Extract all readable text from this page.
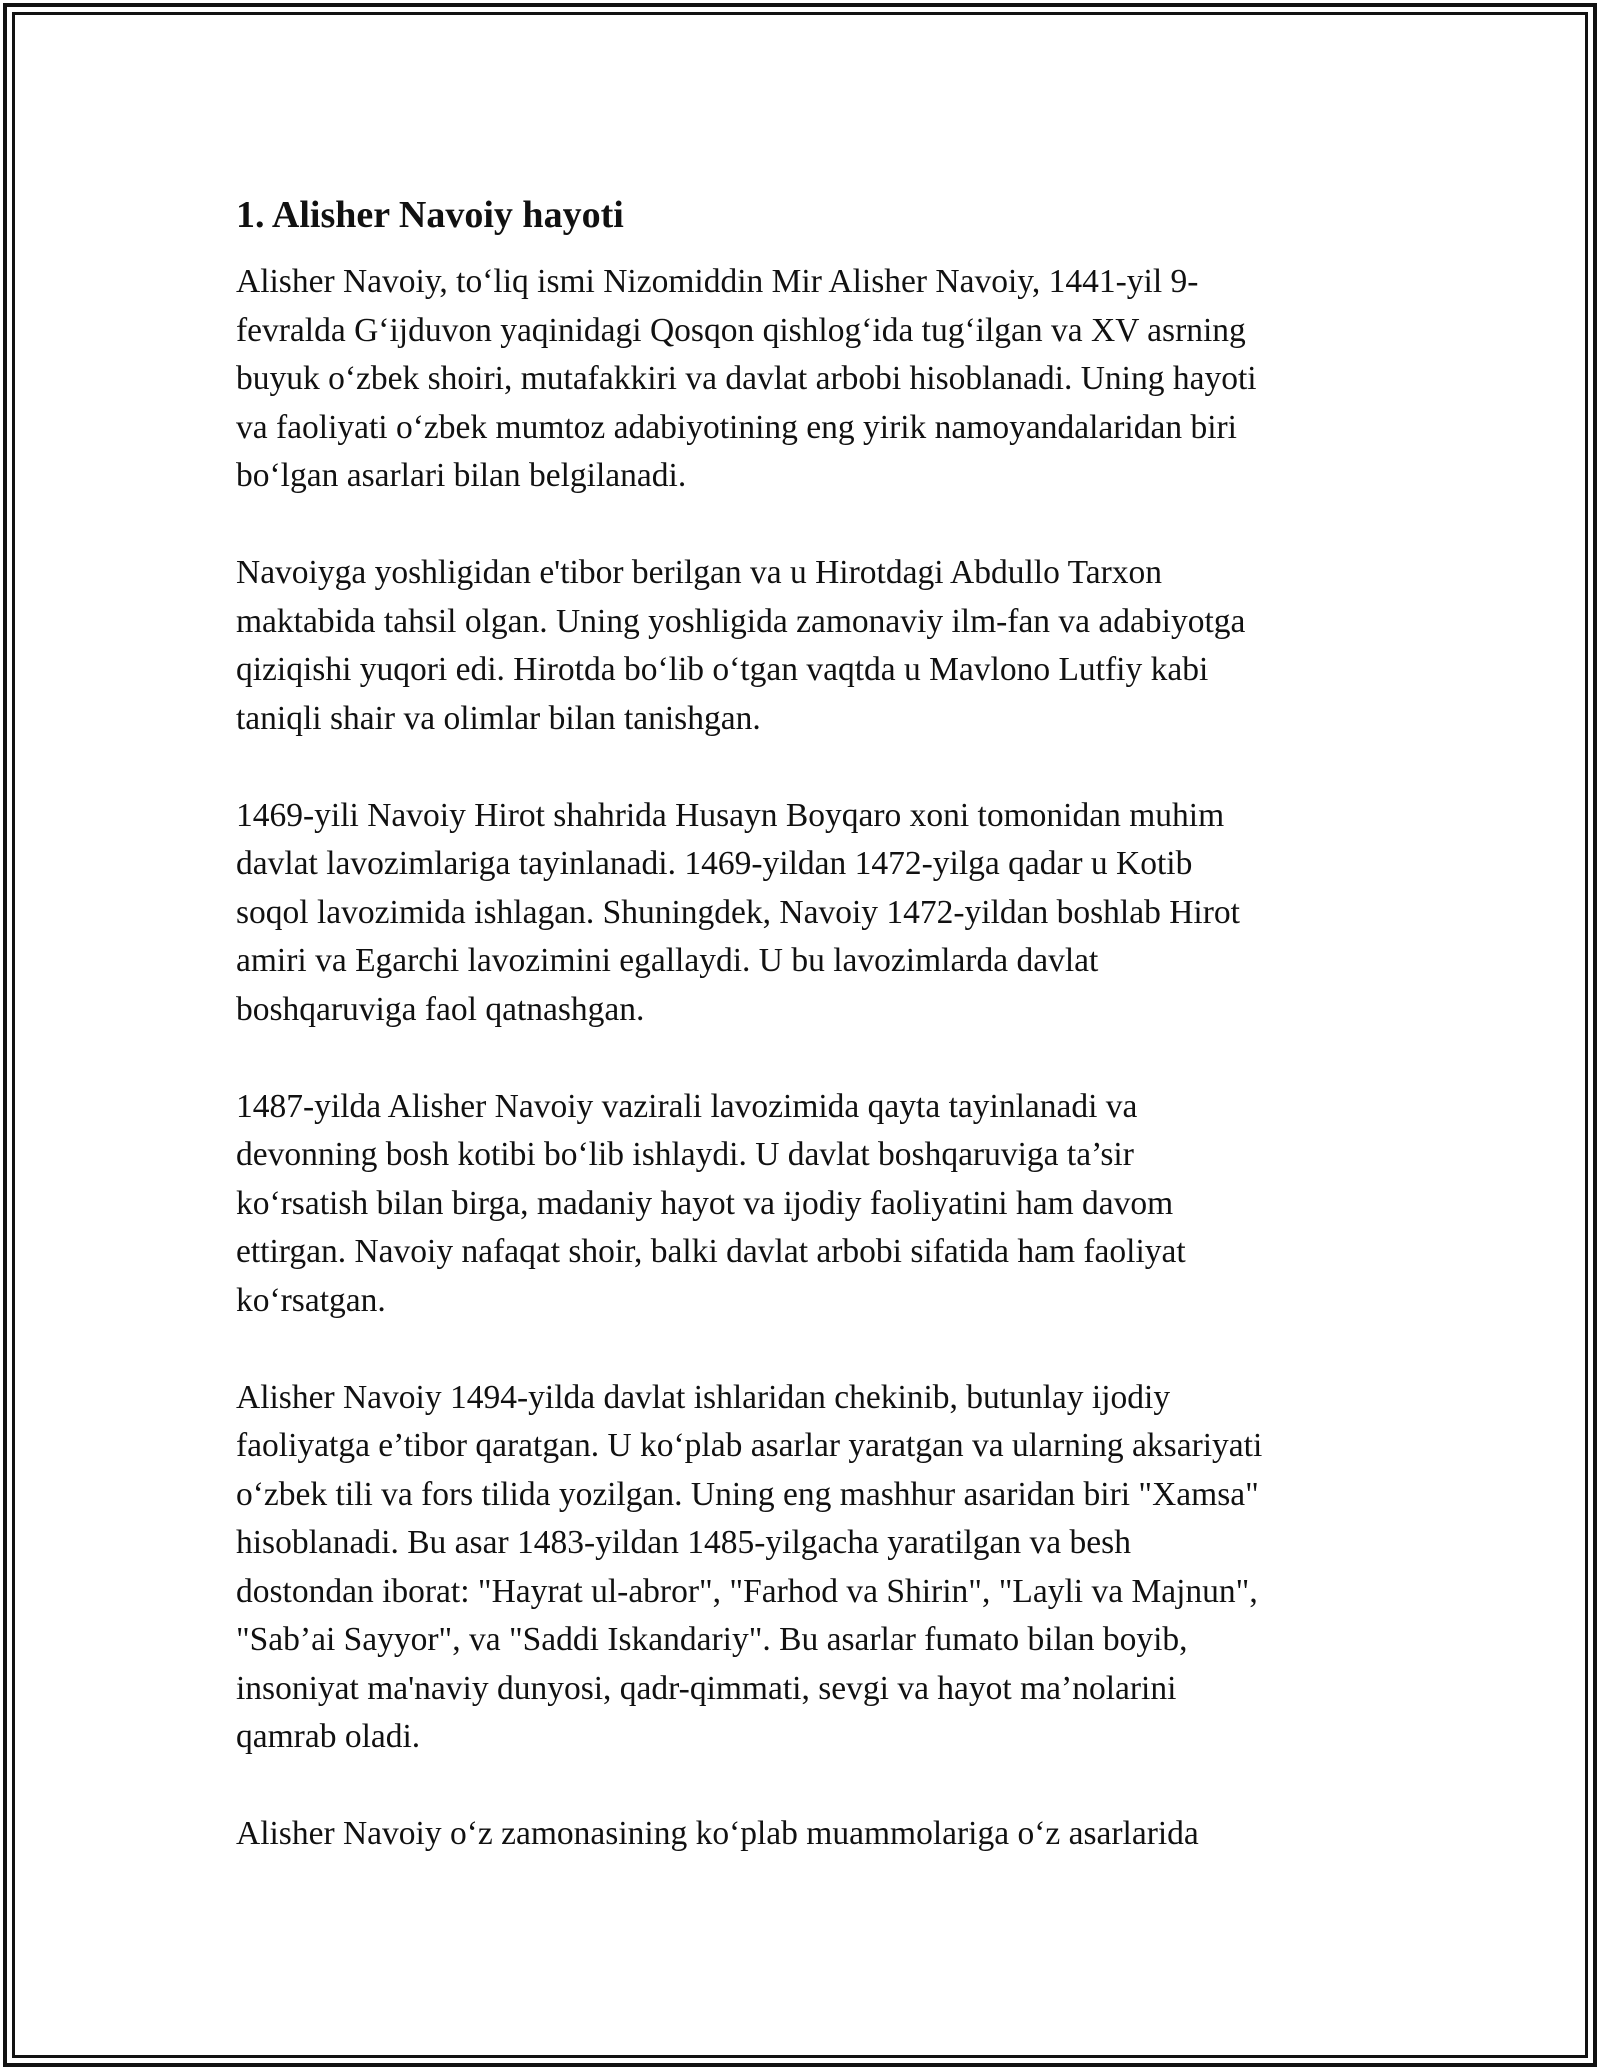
1. Alisher Navoiy hayoti

Alisher Navoiy, to‘liq ismi Nizomiddin Mir Alisher Navoiy, 1441-yil 9-
fevralda G‘ijduvon yaqinidagi Qosqon qishlog‘ida tug‘ilgan va XV asrning
buyuk o‘zbek shoiri, mutafakkiri va davlat arbobi hisoblanadi. Uning hayoti
va faoliyati o‘zbek mumtoz adabiyotining eng yirik namoyandalaridan biri
bo‘lgan asarlari bilan belgilanadi.

Navoiyga yoshligidan e'tibor berilgan va u Hirotdagi Abdullo Tarxon
maktabida tahsil olgan. Uning yoshligida zamonaviy ilm-fan va adabiyotga
qiziqishi yuqori edi. Hirotda bo‘lib o‘tgan vaqtda u Mavlono Lutfiy kabi
taniqli shair va olimlar bilan tanishgan.

1469-yili Navoiy Hirot shahrida Husayn Boyqaro xoni tomonidan muhim
davlat lavozimlariga tayinlanadi. 1469-yildan 1472-yilga qadar u Kotib
soqol lavozimida ishlagan. Shuningdek, Navoiy 1472-yildan boshlab Hirot
amiri va Egarchi lavozimini egallaydi. U bu lavozimlarda davlat
boshqaruviga faol qatnashgan.

1487-yilda Alisher Navoiy vazirali lavozimida qayta tayinlanadi va
devonning bosh kotibi bo‘lib ishlaydi. U davlat boshqaruviga ta’sir
ko‘rsatish bilan birga, madaniy hayot va ijodiy faoliyatini ham davom
ettirgan. Navoiy nafaqat shoir, balki davlat arbobi sifatida ham faoliyat
ko‘rsatgan.

Alisher Navoiy 1494-yilda davlat ishlaridan chekinib, butunlay ijodiy
faoliyatga e’tibor qaratgan. U ko‘plab asarlar yaratgan va ularning aksariyati
o‘zbek tili va fors tilida yozilgan. Uning eng mashhur asaridan biri "Xamsa"
hisoblanadi. Bu asar 1483-yildan 1485-yilgacha yaratilgan va besh
dostondan iborat: "Hayrat ul-abror", "Farhod va Shirin", "Layli va Majnun",
"Sab’ai Sayyor", va "Saddi Iskandariy". Bu asarlar fumato bilan boyib,
insoniyat ma'naviy dunyosi, qadr-qimmati, sevgi va hayot ma’nolarini
qamrab oladi.

Alisher Navoiy o‘z zamonasining ko‘plab muammolariga o‘z asarlarida
